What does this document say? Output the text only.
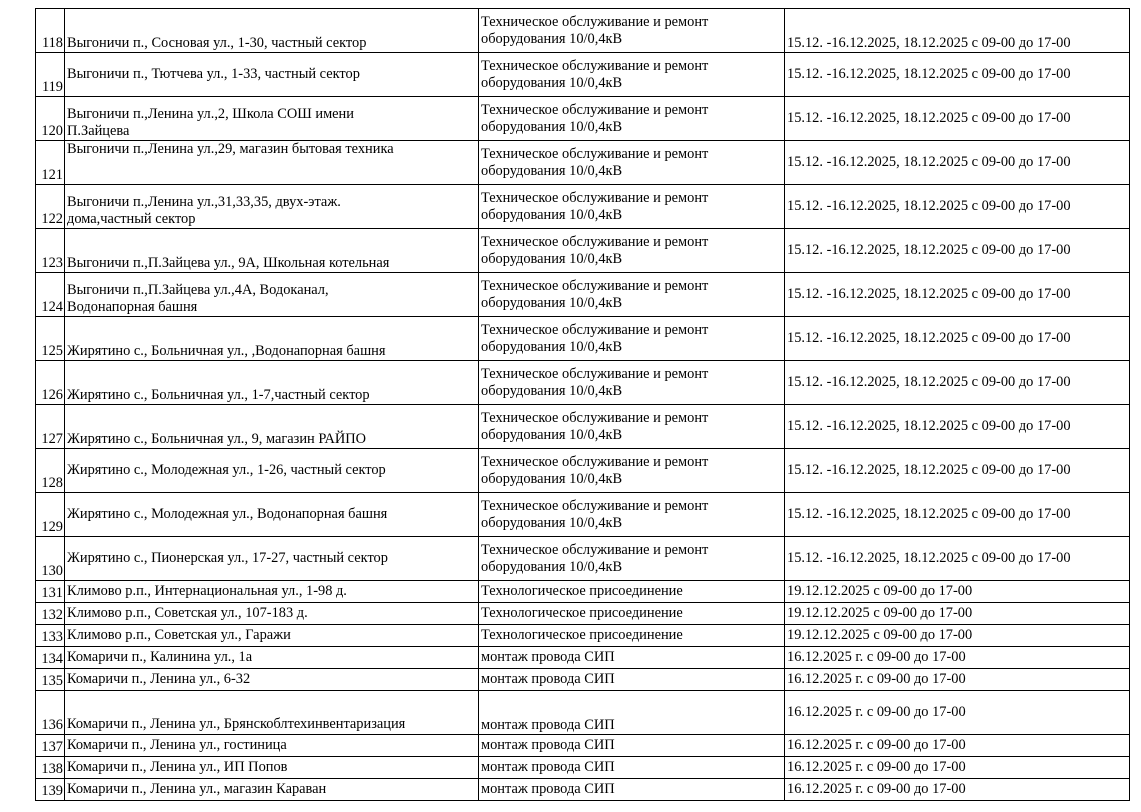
118	Выгоничи п., Сосновая ул., 1-30, частный сектор	Техническое обслуживание и ремонт
оборудования 10/0,4кВ	15.12. -16.12.2025, 18.12.2025 с 09-00 до 17-00
119	Выгоничи п., Тютчева ул., 1-33, частный сектор	Техническое обслуживание и ремонт
оборудования 10/0,4кВ	15.12. -16.12.2025, 18.12.2025 с 09-00 до 17-00
120	Выгоничи п.,Ленина ул.,2, Школа СОШ имени
П.Зайцева	Техническое обслуживание и ремонт
оборудования 10/0,4кВ	15.12. -16.12.2025, 18.12.2025 с 09-00 до 17-00
121	Выгоничи п.,Ленина ул.,29, магазин бытовая техника	Техническое обслуживание и ремонт
оборудования 10/0,4кВ	15.12. -16.12.2025, 18.12.2025 с 09-00 до 17-00
122	Выгоничи п.,Ленина ул.,31,33,35, двух-этаж.
дома,частный сектор	Техническое обслуживание и ремонт
оборудования 10/0,4кВ	15.12. -16.12.2025, 18.12.2025 с 09-00 до 17-00
123	Выгоничи п.,П.Зайцева ул., 9А, Школьная котельная	Техническое обслуживание и ремонт
оборудования 10/0,4кВ	15.12. -16.12.2025, 18.12.2025 с 09-00 до 17-00
124	Выгоничи п.,П.Зайцева ул.,4А, Водоканал,
Водонапорная башня	Техническое обслуживание и ремонт
оборудования 10/0,4кВ	15.12. -16.12.2025, 18.12.2025 с 09-00 до 17-00
125	Жирятино с., Больничная ул., ,Водонапорная башня	Техническое обслуживание и ремонт
оборудования 10/0,4кВ	15.12. -16.12.2025, 18.12.2025 с 09-00 до 17-00
126	Жирятино с., Больничная ул., 1-7,частный сектор	Техническое обслуживание и ремонт
оборудования 10/0,4кВ	15.12. -16.12.2025, 18.12.2025 с 09-00 до 17-00
127	Жирятино с., Больничная ул., 9, магазин РАЙПО	Техническое обслуживание и ремонт
оборудования 10/0,4кВ	15.12. -16.12.2025, 18.12.2025 с 09-00 до 17-00
128	Жирятино с., Молодежная ул., 1-26, частный сектор	Техническое обслуживание и ремонт
оборудования 10/0,4кВ	15.12. -16.12.2025, 18.12.2025 с 09-00 до 17-00
129	Жирятино с., Молодежная ул., Водонапорная башня	Техническое обслуживание и ремонт
оборудования 10/0,4кВ	15.12. -16.12.2025, 18.12.2025 с 09-00 до 17-00
130	Жирятино с., Пионерская ул., 17-27, частный сектор	Техническое обслуживание и ремонт
оборудования 10/0,4кВ	15.12. -16.12.2025, 18.12.2025 с 09-00 до 17-00
131	Климово р.п., Интернациональная ул., 1-98 д.	Технологическое присоединение	19.12.12.2025 с 09-00 до 17-00
132	Климово р.п., Советская ул., 107-183 д.	Технологическое присоединение	19.12.12.2025 с 09-00 до 17-00
133	Климово р.п., Советская ул., Гаражи	Технологическое присоединение	19.12.12.2025 с 09-00 до 17-00
134	Комаричи п., Калинина ул., 1а	монтаж провода СИП	16.12.2025 г. с 09-00 до 17-00
135	Комаричи п., Ленина ул., 6-32	монтаж провода СИП	16.12.2025 г. с 09-00 до 17-00
136	Комаричи п., Ленина ул., Брянскоблтехинвентаризация	монтаж провода СИП	16.12.2025 г. с 09-00 до 17-00
137	Комаричи п., Ленина ул., гостиница	монтаж провода СИП	16.12.2025 г. с 09-00 до 17-00
138	Комаричи п., Ленина ул., ИП Попов	монтаж провода СИП	16.12.2025 г. с 09-00 до 17-00
139	Комаричи п., Ленина ул., магазин Караван	монтаж провода СИП	16.12.2025 г. с 09-00 до 17-00
